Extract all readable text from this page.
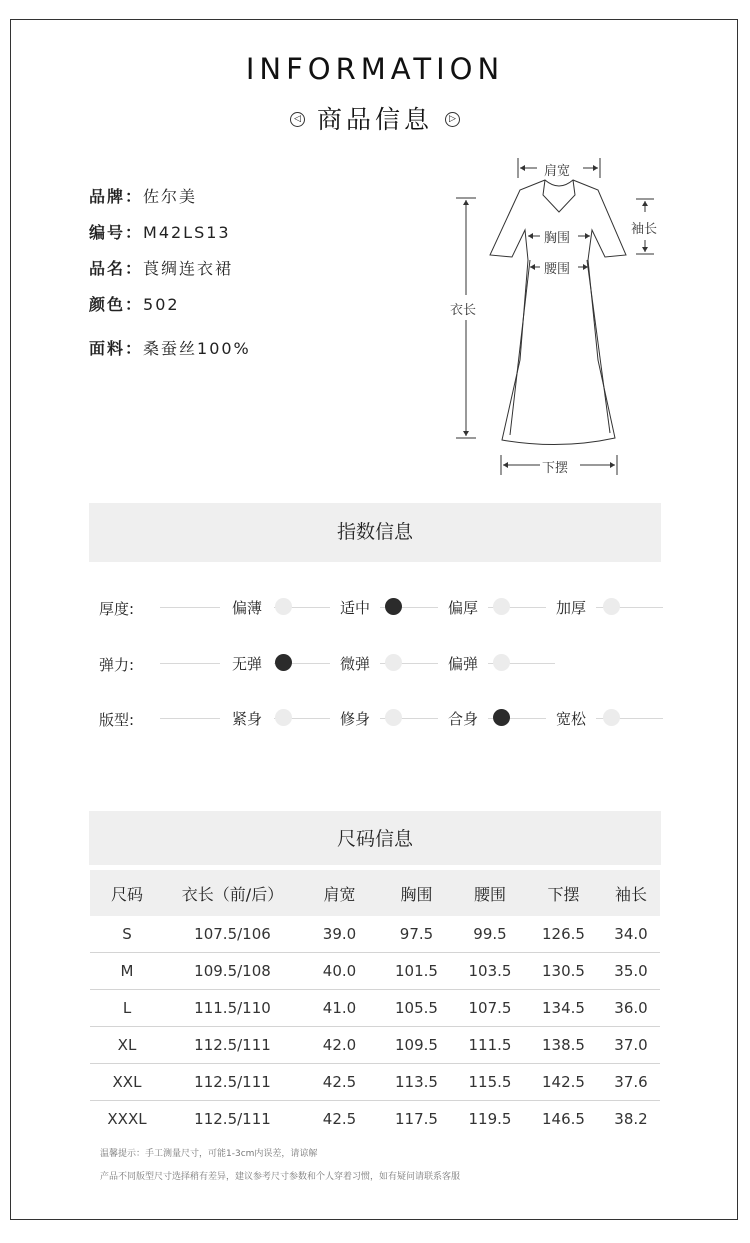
INFORMATION
◁ 商品信息 ▷
品牌：佐尔美
编号：M42LS13
品名：莨绸连衣裙
颜色：502
面料：桑蚕丝100%
肩宽
袖长
胸围
腰围
衣长
下摆
指数信息
厚度:	偏薄	适中	偏厚	加厚
弹力:	无弹	微弹	偏弹
版型:	紧身	修身	合身	宽松
尺码信息
尺码	衣长（前/后）	肩宽	胸围	腰围	下摆	袖长
S	107.5/106	39.0	97.5	99.5	126.5	34.0
M	109.5/108	40.0	101.5	103.5	130.5	35.0
L	111.5/110	41.0	105.5	107.5	134.5	36.0
XL	112.5/111	42.0	109.5	111.5	138.5	37.0
XXL	112.5/111	42.5	113.5	115.5	142.5	37.6
XXXL	112.5/111	42.5	117.5	119.5	146.5	38.2
温馨提示：手工测量尺寸，可能1-3cm内误差，请谅解
产品不同版型尺寸选择稍有差异，建议参考尺寸参数和个人穿着习惯，如有疑问请联系客服
